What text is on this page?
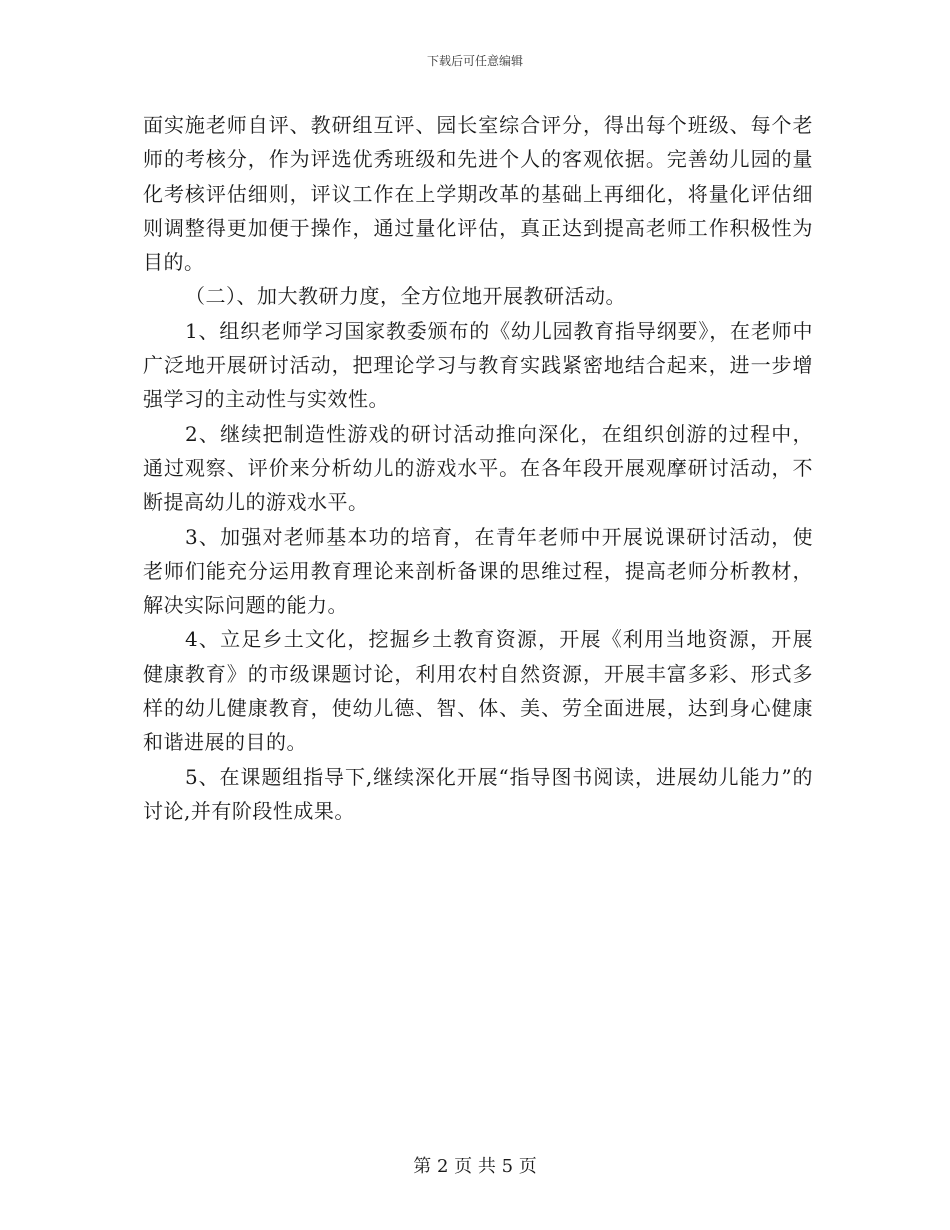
下载后可任意编辑

面实施老师自评、教研组互评、园长室综合评分，得出每个班级、每个老师的考核分，作为评选优秀班级和先进个人的客观依据。完善幼儿园的量化考核评估细则，评议工作在上学期改革的基础上再细化，将量化评估细则调整得更加便于操作，通过量化评估，真正达到提高老师工作积极性为目的。

（二）、加大教研力度，全方位地开展教研活动。

1、组织老师学习国家教委颁布的《幼儿园教育指导纲要》，在老师中广泛地开展研讨活动，把理论学习与教育实践紧密地结合起来，进一步增强学习的主动性与实效性。

2、继续把制造性游戏的研讨活动推向深化，在组织创游的过程中，通过观察、评价来分析幼儿的游戏水平。在各年段开展观摩研讨活动，不断提高幼儿的游戏水平。

3、加强对老师基本功的培育，在青年老师中开展说课研讨活动，使老师们能充分运用教育理论来剖析备课的思维过程，提高老师分析教材，解决实际问题的能力。

4、立足乡土文化，挖掘乡土教育资源，开展《利用当地资源，开展健康教育》的市级课题讨论，利用农村自然资源，开展丰富多彩、形式多样的幼儿健康教育，使幼儿德、智、体、美、劳全面进展，达到身心健康和谐进展的目的。

5、在课题组指导下,继续深化开展“指导图书阅读，进展幼儿能力”的讨论,并有阶段性成果。

第 2 页 共 5 页
